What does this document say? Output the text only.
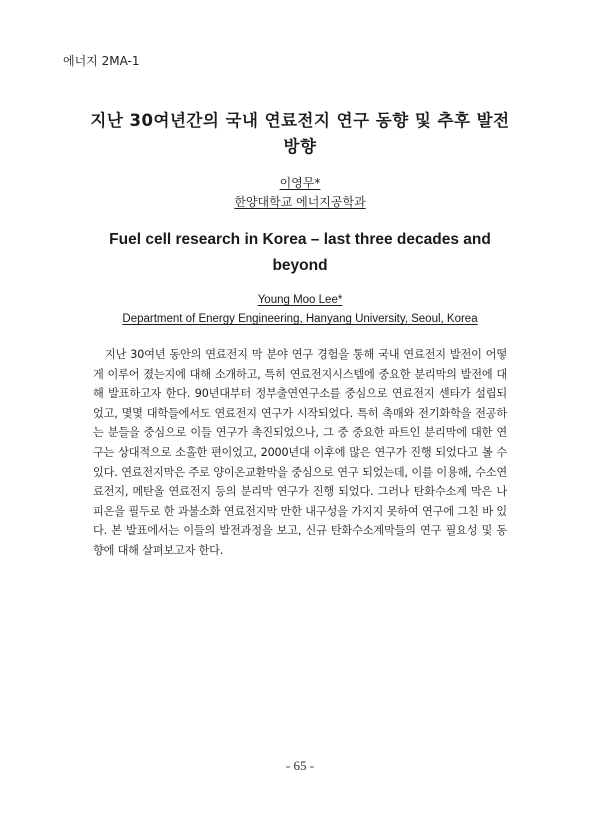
에너지 2MA-1
지난 30여년간의 국내 연료전지 연구 동향 및 추후 발전 방향
이영무*
한양대학교 에너지공학과
Fuel cell research in Korea – last three decades and beyond
Young Moo Lee*
Department of Energy Engineering, Hanyang University, Seoul, Korea

지난 30여년 동안의 연료전지 막 분야 연구 경험을 통해 국내 연료전지 발전이 어떻게 이루어 졌는지에 대해 소개하고, 특히 연료전지시스템에 중요한 분리막의 발전에 대해 발표하고자 한다. 90년대부터 정부출연연구소를 중심으로 연료전지 센타가 설립되었고, 몇몇 대학들에서도 연료전지 연구가 시작되었다. 특히 촉매와 전기화학을 전공하는 분들을 중심으로 이들 연구가 촉진되었으나, 그 중 중요한 파트인 분리막에 대한 연구는 상대적으로 소홀한 편이었고, 2000년대 이후에 많은 연구가 진행 되었다고 볼 수 있다. 연료전지막은 주로 양이온교환막을 중심으로 연구 되었는데, 이를 이용해, 수소연료전지, 메탄올 연료전지 등의 분리막 연구가 진행 되었다. 그러나 탄화수소계 막은 나피온을 필두로 한 과불소화 연료전지막 만한 내구성을 가지지 못하여 연구에 그친 바 있다. 본 발표에서는 이들의 발전과정을 보고, 신규 탄화수소계막들의 연구 필요성 및 동향에 대해 살펴보고자 한다.

- 65 -
